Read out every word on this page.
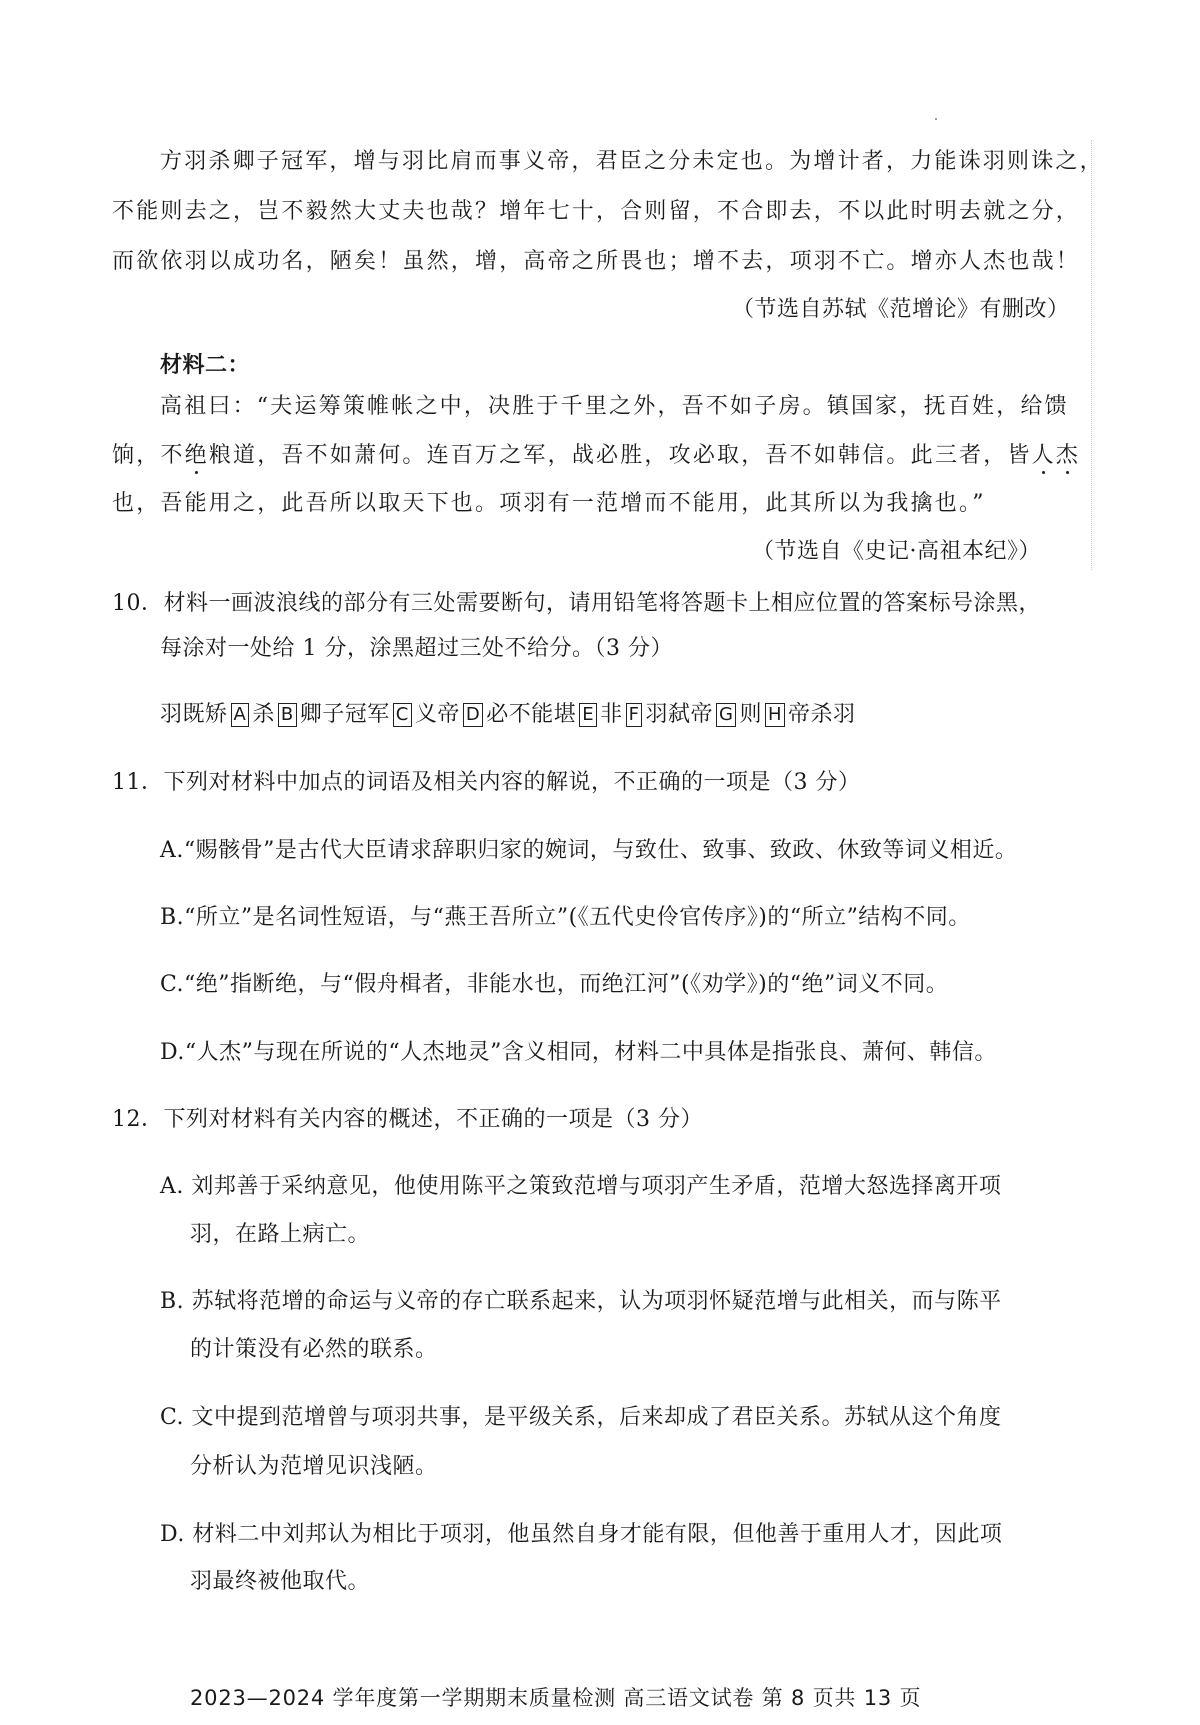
方羽杀卿子冠军，增与羽比肩而事义帝，君臣之分未定也。为增计者，力能诛羽则诛之，
不能则去之，岂不毅然大丈夫也哉？增年七十，合则留，不合即去，不以此时明去就之分，
而欲依羽以成功名，陋矣！虽然，增，高帝之所畏也；增不去，项羽不亡。增亦人杰也哉！
（节选自苏轼《范增论》有删改）
材料二：
高祖曰：“夫运筹策帷帐之中，决胜于千里之外，吾不如子房。镇国家，抚百姓，给馈
饷，不绝粮道，吾不如萧何。连百万之军，战必胜，攻必取，吾不如韩信。此三者，皆人杰
也，吾能用之，此吾所以取天下也。项羽有一范增而不能用，此其所以为我擒也。”
（节选自《史记·高祖本纪》）
10．材料一画波浪线的部分有三处需要断句，请用铅笔将答题卡上相应位置的答案标号涂黑，
每涂对一处给 1 分，涂黑超过三处不给分。（3 分）
羽既矫 A 杀 B 卿子冠军 C 义帝 D 必不能堪 E 非 F 羽弑帝 G 则 H 帝杀羽
11．下列对材料中加点的词语及相关内容的解说，不正确的一项是（3 分）
A.“赐骸骨”是古代大臣请求辞职归家的婉词，与致仕、致事、致政、休致等词义相近。
B.“所立”是名词性短语，与“燕王吾所立”(《五代史伶官传序》)的“所立”结构不同。
C.“绝”指断绝，与“假舟楫者，非能水也，而绝江河”(《劝学》)的“绝”词义不同。
D.“人杰”与现在所说的“人杰地灵”含义相同，材料二中具体是指张良、萧何、韩信。
12．下列对材料有关内容的概述，不正确的一项是（3 分）
A. 刘邦善于采纳意见，他使用陈平之策致范增与项羽产生矛盾，范增大怒选择离开项
羽，在路上病亡。
B. 苏轼将范增的命运与义帝的存亡联系起来，认为项羽怀疑范增与此相关，而与陈平
的计策没有必然的联系。
C. 文中提到范增曾与项羽共事，是平级关系，后来却成了君臣关系。苏轼从这个角度
分析认为范增见识浅陋。
D. 材料二中刘邦认为相比于项羽，他虽然自身才能有限，但他善于重用人才，因此项
羽最终被他取代。
2023—2024 学年度第一学期期末质量检测 高三语文试卷 第 8 页共 13 页
